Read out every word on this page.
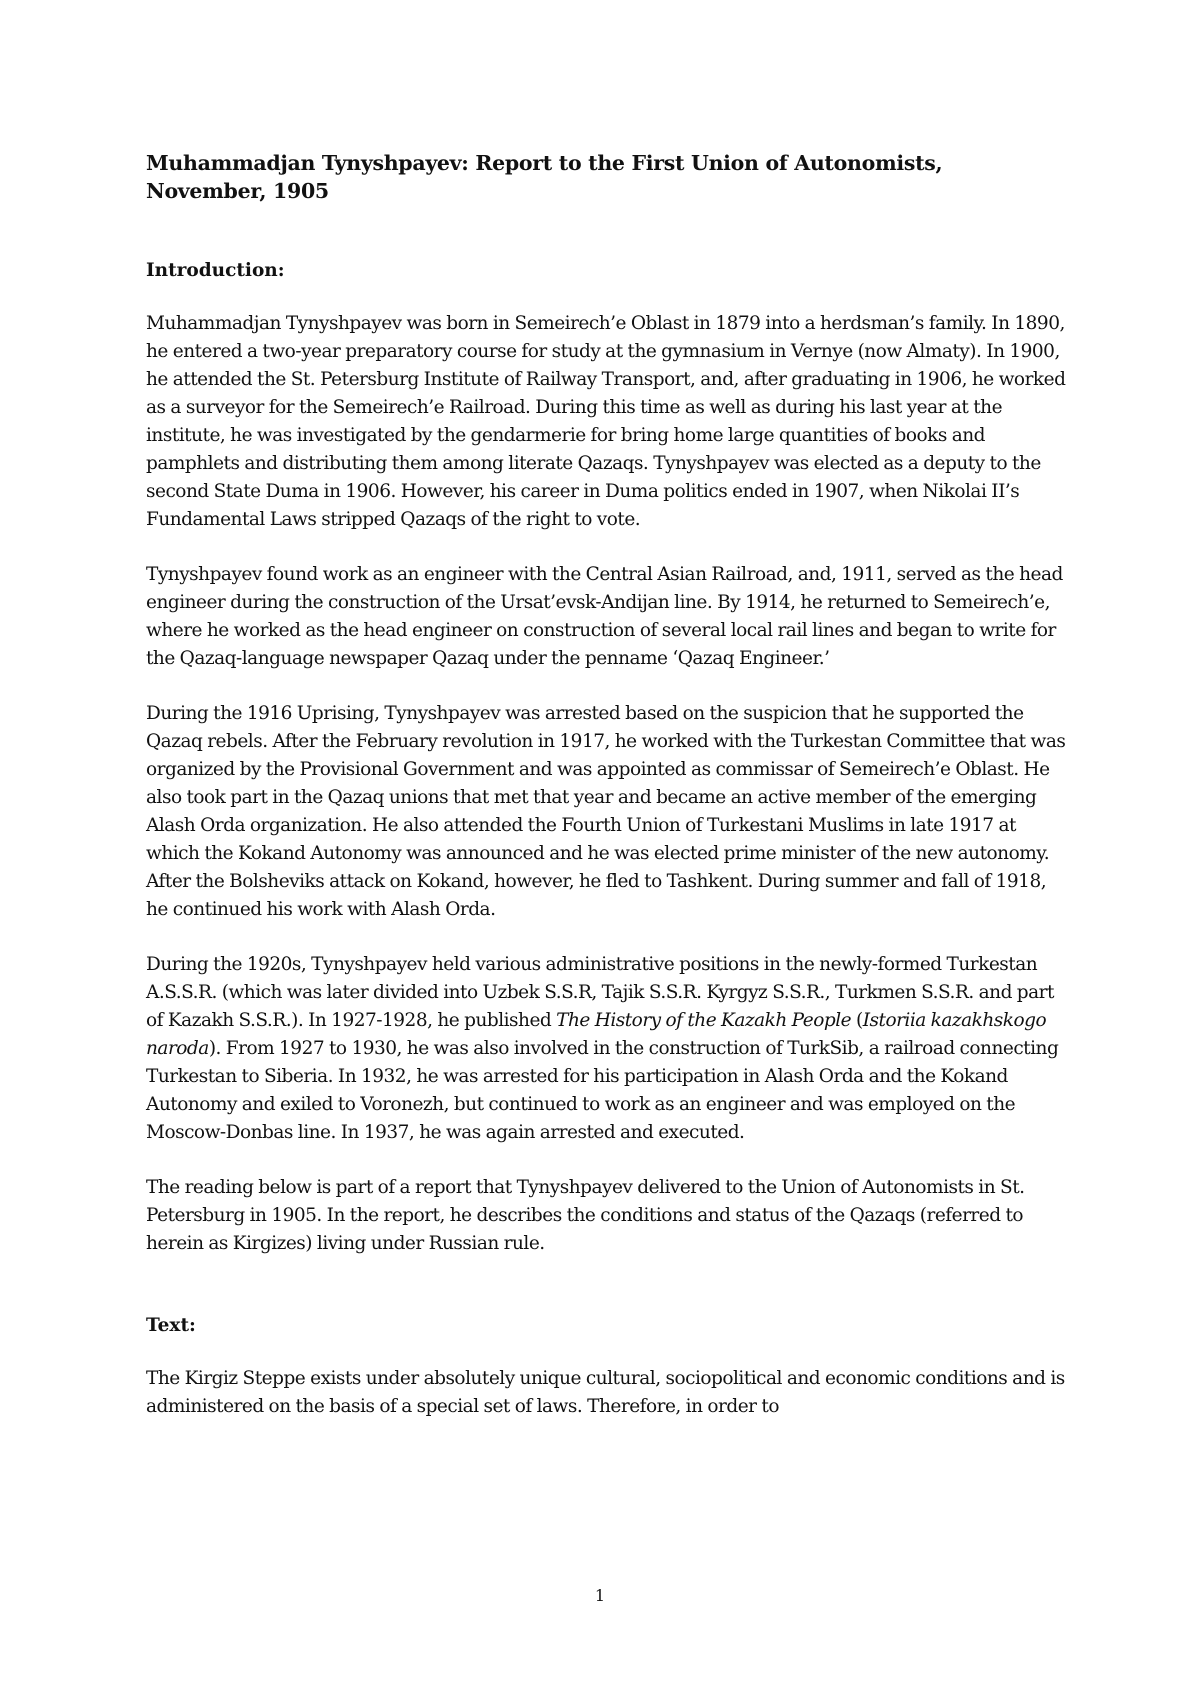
Muhammadjan Tynyshpayev: Report to the First Union of Autonomists, November, 1905
Introduction:

Muhammadjan Tynyshpayev was born in Semeirech’e Oblast in 1879 into a herdsman’s family. In 1890, he entered a two-year preparatory course for study at the gymnasium in Vernye (now Almaty). In 1900, he attended the St. Petersburg Institute of Railway Transport, and, after graduating in 1906, he worked as a surveyor for the Semeirech’e Railroad. During this time as well as during his last year at the institute, he was investigated by the gendarmerie for bring home large quantities of books and pamphlets and distributing them among literate Qazaqs. Tynyshpayev was elected as a deputy to the second State Duma in 1906. However, his career in Duma politics ended in 1907, when Nikolai II’s Fundamental Laws stripped Qazaqs of the right to vote.

Tynyshpayev found work as an engineer with the Central Asian Railroad, and, 1911, served as the head engineer during the construction of the Ursat’evsk-Andijan line. By 1914, he returned to Semeirech’e, where he worked as the head engineer on construction of several local rail lines and began to write for the Qazaq-language newspaper Qazaq under the penname ‘Qazaq Engineer.’

During the 1916 Uprising, Tynyshpayev was arrested based on the suspicion that he supported the Qazaq rebels. After the February revolution in 1917, he worked with the Turkestan Committee that was organized by the Provisional Government and was appointed as commissar of Semeirech’e Oblast. He also took part in the Qazaq unions that met that year and became an active member of the emerging Alash Orda organization. He also attended the Fourth Union of Turkestani Muslims in late 1917 at which the Kokand Autonomy was announced and he was elected prime minister of the new autonomy. After the Bolsheviks attack on Kokand, however, he fled to Tashkent. During summer and fall of 1918, he continued his work with Alash Orda.

During the 1920s, Tynyshpayev held various administrative positions in the newly-formed Turkestan A.S.S.R. (which was later divided into Uzbek S.S.R, Tajik S.S.R. Kyrgyz S.S.R., Turkmen S.S.R. and part of Kazakh S.S.R.). In 1927-1928, he published The History of the Kazakh People (Istoriia kazakhskogo naroda). From 1927 to 1930, he was also involved in the construction of TurkSib, a railroad connecting Turkestan to Siberia. In 1932, he was arrested for his participation in Alash Orda and the Kokand Autonomy and exiled to Voronezh, but continued to work as an engineer and was employed on the Moscow-Donbas line. In 1937, he was again arrested and executed.

The reading below is part of a report that Tynyshpayev delivered to the Union of Autonomists in St. Petersburg in 1905. In the report, he describes the conditions and status of the Qazaqs (referred to herein as Kirgizes) living under Russian rule.

Text:

The Kirgiz Steppe exists under absolutely unique cultural, sociopolitical and economic conditions and is administered on the basis of a special set of laws. Therefore, in order to

1
